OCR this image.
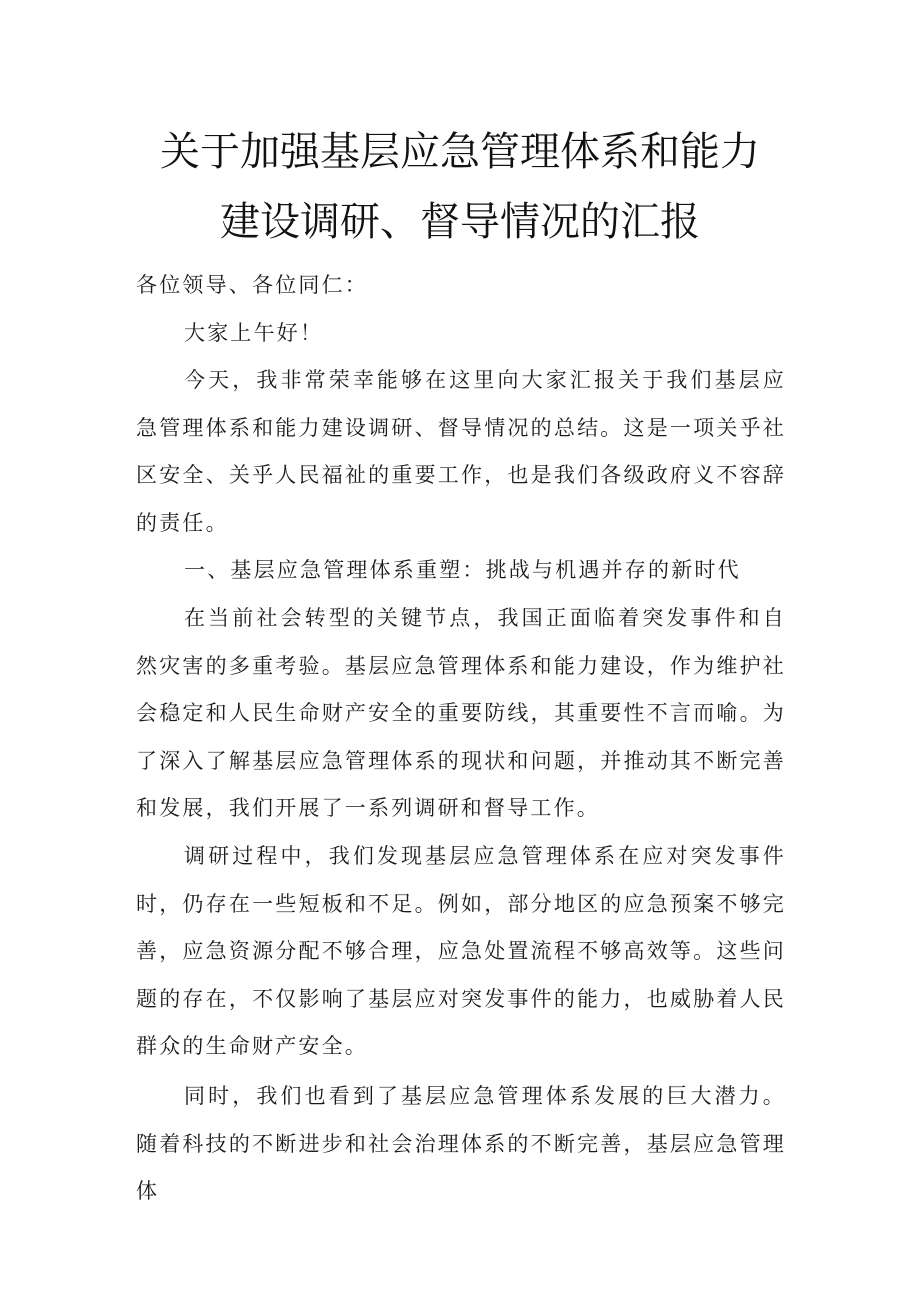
关于加强基层应急管理体系和能力
建设调研、督导情况的汇报

各位领导、各位同仁：

大家上午好！

今天，我非常荣幸能够在这里向大家汇报关于我们基层应急管理体系和能力建设调研、督导情况的总结。这是一项关乎社区安全、关乎人民福祉的重要工作，也是我们各级政府义不容辞的责任。

一、基层应急管理体系重塑：挑战与机遇并存的新时代

在当前社会转型的关键节点，我国正面临着突发事件和自然灾害的多重考验。基层应急管理体系和能力建设，作为维护社会稳定和人民生命财产安全的重要防线，其重要性不言而喻。为了深入了解基层应急管理体系的现状和问题，并推动其不断完善和发展，我们开展了一系列调研和督导工作。

调研过程中，我们发现基层应急管理体系在应对突发事件时，仍存在一些短板和不足。例如，部分地区的应急预案不够完善，应急资源分配不够合理，应急处置流程不够高效等。这些问题的存在，不仅影响了基层应对突发事件的能力，也威胁着人民群众的生命财产安全。

同时，我们也看到了基层应急管理体系发展的巨大潜力。随着科技的不断进步和社会治理体系的不断完善，基层应急管理体
